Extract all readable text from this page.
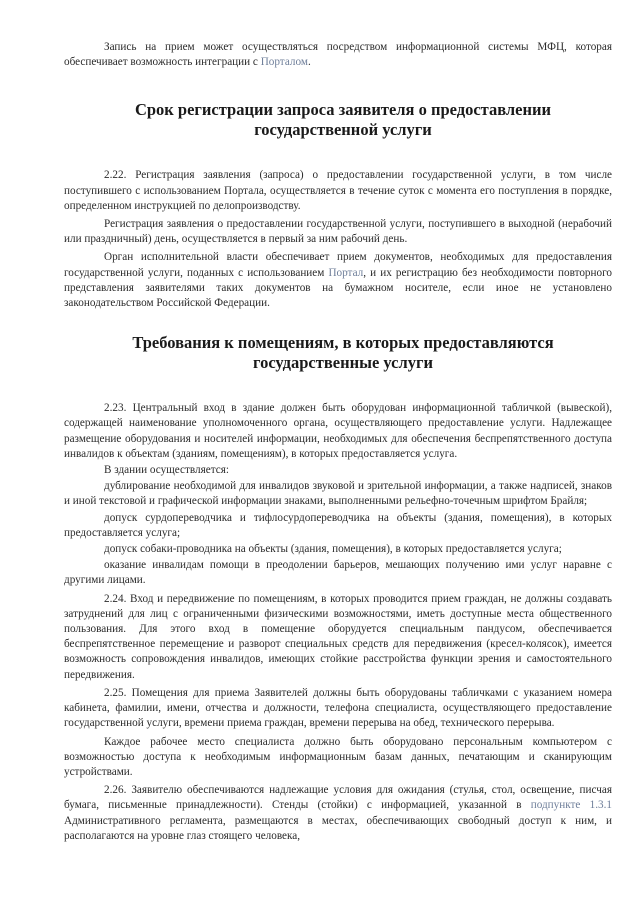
Запись на прием может осуществляться посредством информационной системы МФЦ, которая обеспечивает возможность интеграции с Порталом.

Срок регистрации запроса заявителя о предоставлении государственной услуги

2.22. Регистрация заявления (запроса) о предоставлении государственной услуги, в том числе поступившего с использованием Портала, осуществляется в течение суток с момента его поступления в порядке, определенном инструкцией по делопроизводству.

Регистрация заявления о предоставлении государственной услуги, поступившего в выходной (нерабочий или праздничный) день, осуществляется в первый за ним рабочий день.

Орган исполнительной власти обеспечивает прием документов, необходимых для предоставления государственной услуги, поданных с использованием Портал, и их регистрацию без необходимости повторного представления заявителями таких документов на бумажном носителе, если иное не установлено законодательством Российской Федерации.

Требования к помещениям, в которых предоставляются государственные услуги

2.23. Центральный вход в здание должен быть оборудован информационной табличкой (вывеской), содержащей наименование уполномоченного органа, осуществляющего предоставление услуги. Надлежащее размещение оборудования и носителей информации, необходимых для обеспечения беспрепятственного доступа инвалидов к объектам (зданиям, помещениям), в которых предоставляется услуга.

В здании осуществляется:

дублирование необходимой для инвалидов звуковой и зрительной информации, а также надписей, знаков и иной текстовой и графической информации знаками, выполненными рельефно-точечным шрифтом Брайля;

допуск сурдопереводчика и тифлосурдопереводчика на объекты (здания, помещения), в которых предоставляется услуга;

допуск собаки-проводника на объекты (здания, помещения), в которых предоставляется услуга;

оказание инвалидам помощи в преодолении барьеров, мешающих получению ими услуг наравне с другими лицами.

2.24. Вход и передвижение по помещениям, в которых проводится прием граждан, не должны создавать затруднений для лиц с ограниченными физическими возможностями, иметь доступные места общественного пользования. Для этого вход в помещение оборудуется специальным пандусом, обеспечивается беспрепятственное перемещение и разворот специальных средств для передвижения (кресел-колясок), имеется возможность сопровождения инвалидов, имеющих стойкие расстройства функции зрения и самостоятельного передвижения.

2.25. Помещения для приема Заявителей должны быть оборудованы табличками с указанием номера кабинета, фамилии, имени, отчества и должности, телефона специалиста, осуществляющего предоставление государственной услуги, времени приема граждан, времени перерыва на обед, технического перерыва.

Каждое рабочее место специалиста должно быть оборудовано персональным компьютером с возможностью доступа к необходимым информационным базам данных, печатающим и сканирующим устройствами.

2.26. Заявителю обеспечиваются надлежащие условия для ожидания (стулья, стол, освещение, писчая бумага, письменные принадлежности). Стенды (стойки) с информацией, указанной в подпункте 1.3.1 Административного регламента, размещаются в местах, обеспечивающих свободный доступ к ним, и располагаются на уровне глаз стоящего человека,
